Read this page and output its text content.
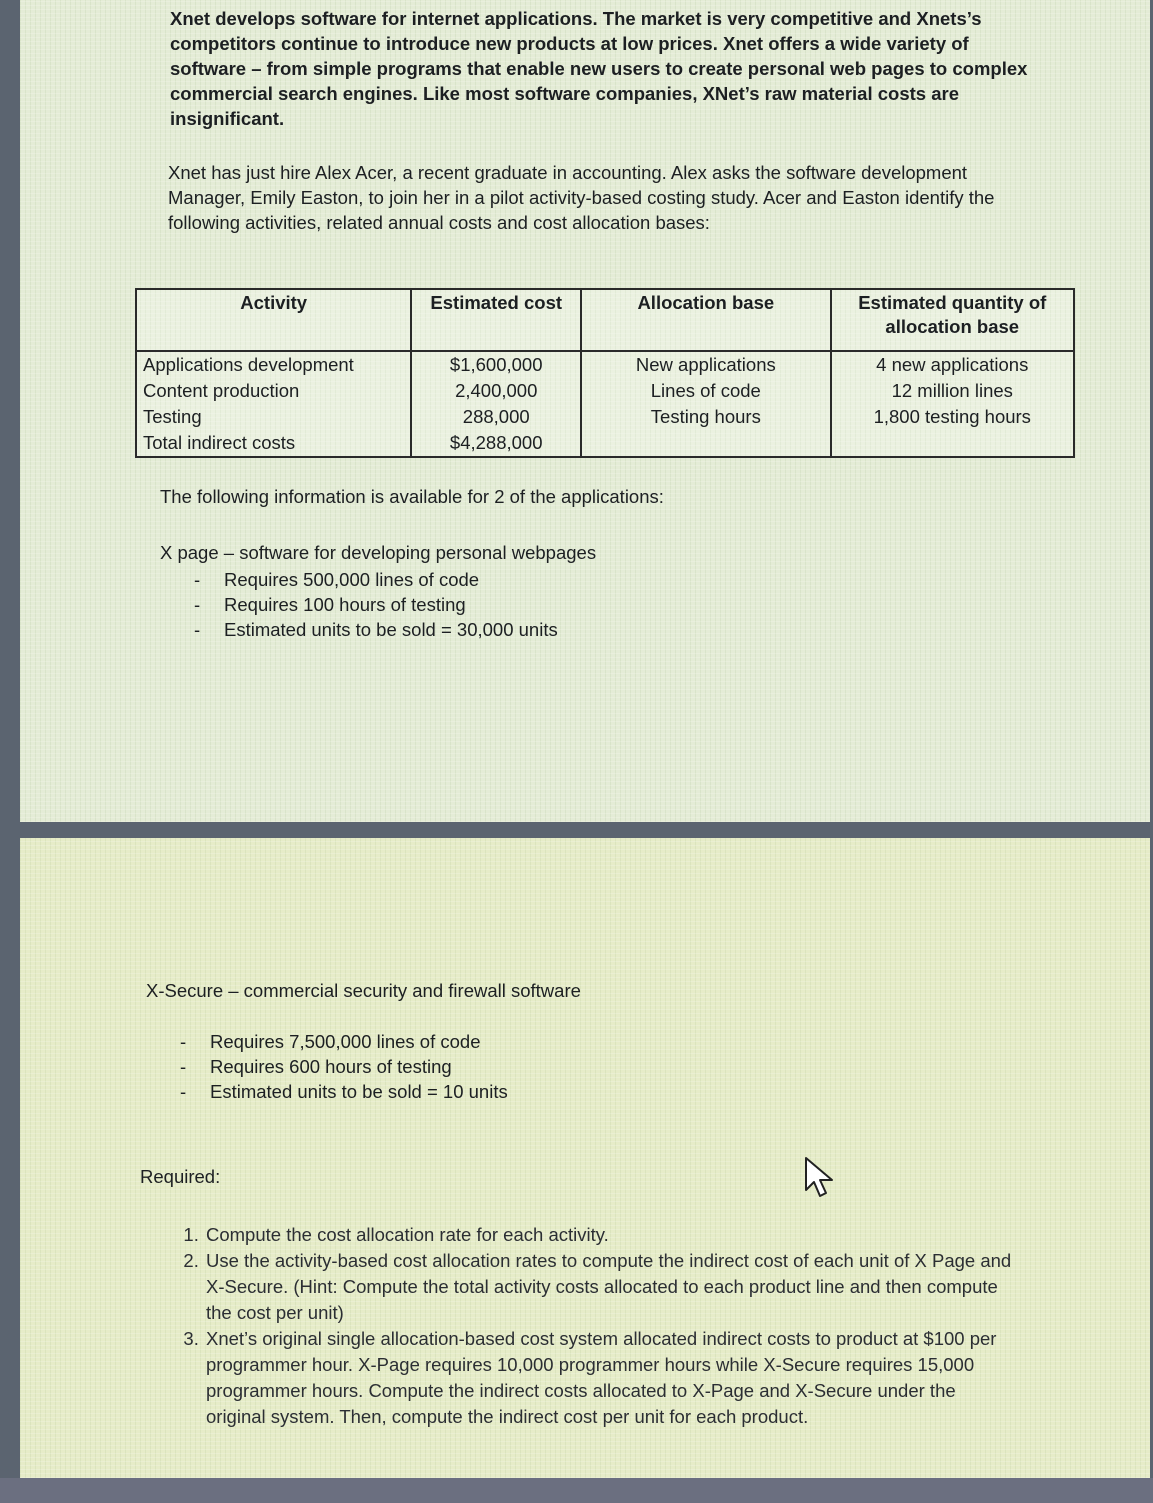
Xnet develops software for internet applications. The market is very competitive and Xnets’s competitors continue to introduce new products at low prices. Xnet offers a wide variety of software – from simple programs that enable new users to create personal web pages to complex commercial search engines. Like most software companies, XNet’s raw material costs are insignificant.

Xnet has just hire Alex Acer, a recent graduate in accounting. Alex asks the software development Manager, Emily Easton, to join her in a pilot activity-based costing study. Acer and Easton identify the following activities, related annual costs and cost allocation bases:

Activity	Estimated cost	Allocation base	Estimated quantity of allocation base
Applications development	$1,600,000	New applications	4 new applications
Content production	2,400,000	Lines of code	12 million lines
Testing	288,000	Testing hours	1,800 testing hours
Total indirect costs	$4,288,000		

The following information is available for 2 of the applications:

X page – software for developing personal webpages

- Requires 500,000 lines of code
- Requires 100 hours of testing
- Estimated units to be sold = 30,000 units

X-Secure – commercial security and firewall software

- Requires 7,500,000 lines of code
- Requires 600 hours of testing
- Estimated units to be sold = 10 units

Required:

1. Compute the cost allocation rate for each activity.
2. Use the activity-based cost allocation rates to compute the indirect cost of each unit of X Page and X-Secure. (Hint: Compute the total activity costs allocated to each product line and then compute the cost per unit)
3. Xnet’s original single allocation-based cost system allocated indirect costs to product at $100 per programmer hour. X-Page requires 10,000 programmer hours while X-Secure requires 15,000 programmer hours. Compute the indirect costs allocated to X-Page and X-Secure under the original system. Then, compute the indirect cost per unit for each product.
